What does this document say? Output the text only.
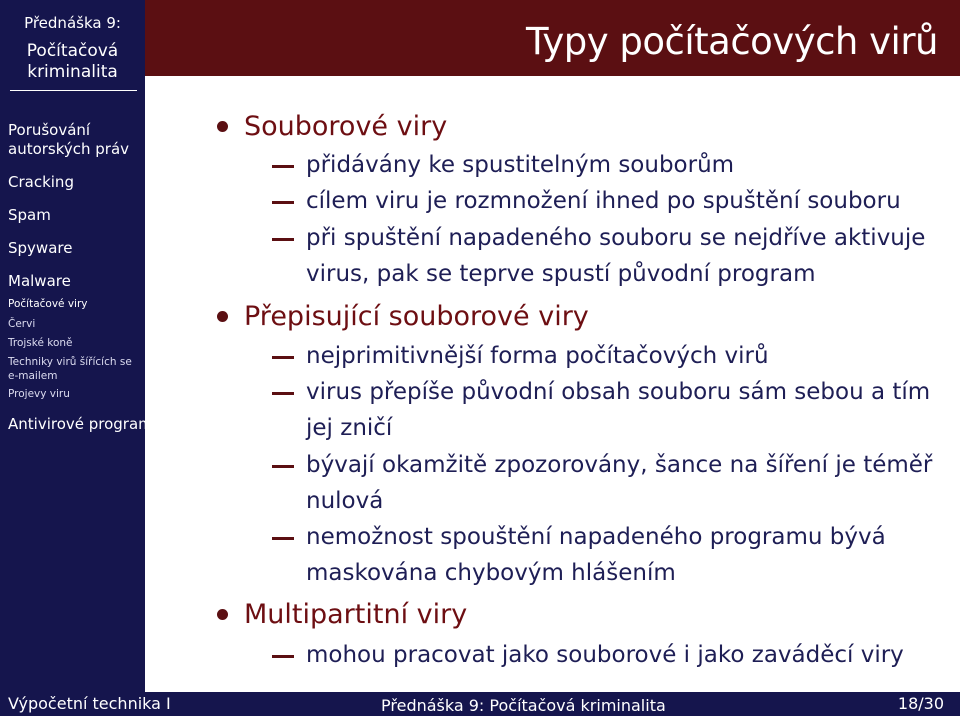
Přednáška 9:
Počítačová
kriminalita
Porušování
autorských práv
Cracking
Spam
Spyware
Malware
Počítačové viry
Červi
Trojské koně
Techniky virů šířících se
e-mailem
Projevy viru
Antivirové programy
Typy počítačových virů
Souborové viry
přidávány ke spustitelným souborům
cílem viru je rozmnožení ihned po spuštění souboru
při spuštění napadeného souboru se nejdříve aktivuje
virus, pak se teprve spustí původní program
Přepisující souborové viry
nejprimitivnější forma počítačových virů
virus přepíše původní obsah souboru sám sebou a tím
jej zničí
bývají okamžitě zpozorovány, šance na šíření je téměř
nulová
nemožnost spouštění napadeného programu bývá
maskována chybovým hlášením
Multipartitní viry
mohou pracovat jako souborové i jako zaváděcí viry
Výpočetní technika I	Přednáška 9: Počítačová kriminalita	18/30
